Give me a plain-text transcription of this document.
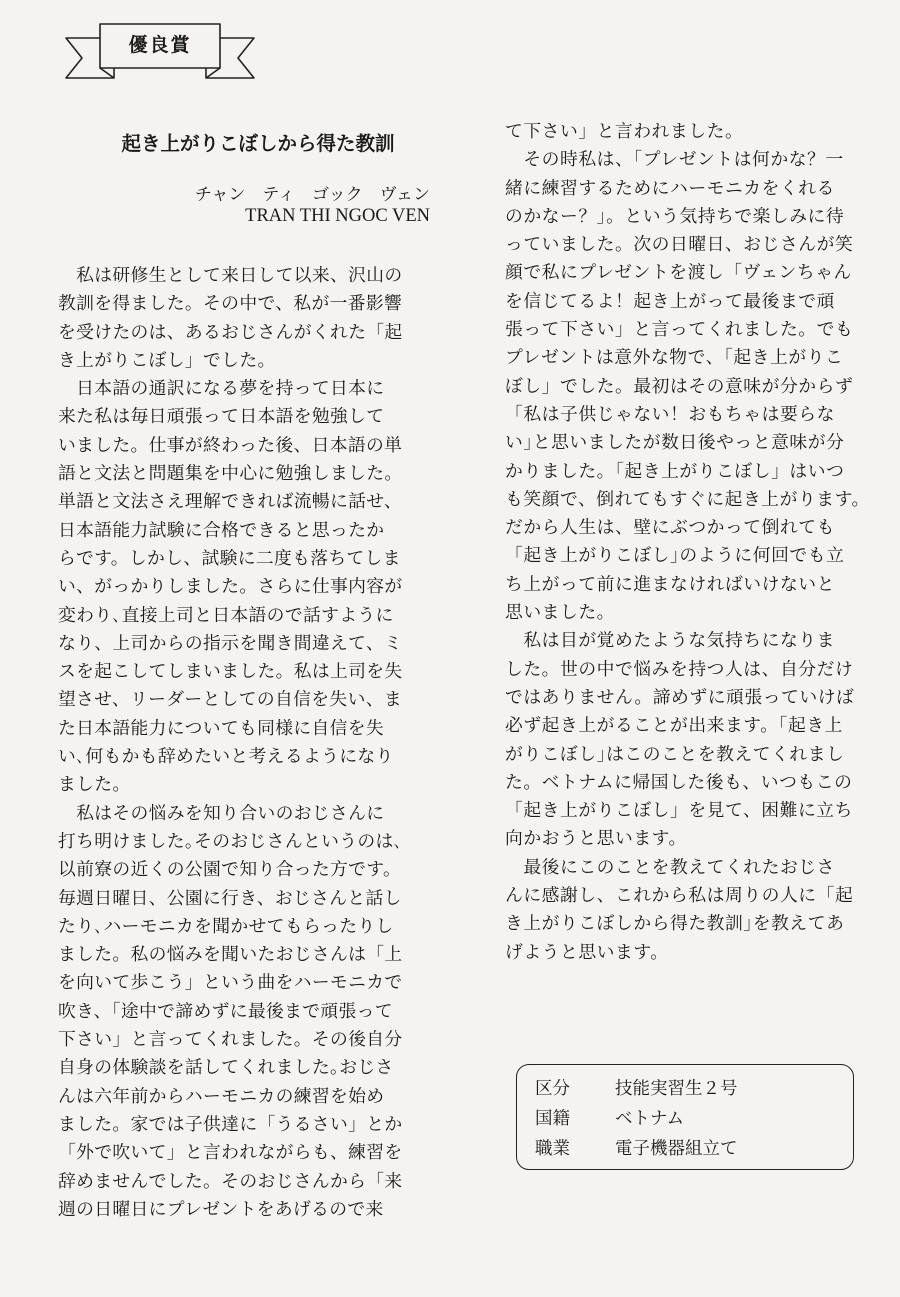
優良賞
起き上がりこぼしから得た教訓
チャン　ティ　ゴック　ヴェン
TRAN THI NGOC VEN
　私は研修生として来日して以来、沢山の
教訓を得ました。その中で、私が一番影響
を受けたのは、あるおじさんがくれた「起
き上がりこぼし」でした。
　日本語の通訳になる夢を持って日本に
来た私は毎日頑張って日本語を勉強して
いました。仕事が終わった後、日本語の単
語と文法と問題集を中心に勉強しました。
単語と文法さえ理解できれば流暢に話せ、
日本語能力試験に合格できると思ったか
らです。しかし、試験に二度も落ちてしま
い、がっかりしました。さらに仕事内容が
変わり､直接上司と日本語ので話すように
なり、上司からの指示を聞き間違えて、ミ
スを起こしてしまいました。私は上司を失
望させ、リーダーとしての自信を失い、ま
た日本語能力についても同様に自信を失
い､何もかも辞めたいと考えるようになり
ました。
　私はその悩みを知り合いのおじさんに
打ち明けました｡そのおじさんというのは､
以前寮の近くの公園で知り合った方です。
毎週日曜日、公園に行き、おじさんと話し
たり､ハーモニカを聞かせてもらったりし
ました。私の悩みを聞いたおじさんは「上
を向いて歩こう」という曲をハーモニカで
吹き、「途中で諦めずに最後まで頑張って
下さい」と言ってくれました。その後自分
自身の体験談を話してくれました｡おじさ
んは六年前からハーモニカの練習を始め
ました。家では子供達に「うるさい」とか
「外で吹いて」と言われながらも、練習を
辞めませんでした。そのおじさんから「来
週の日曜日にプレゼントをあげるので来
て下さい」と言われました。
　その時私は、「プレゼントは何かな？一
緒に練習するためにハーモニカをくれる
のかなー？」。という気持ちで楽しみに待
っていました。次の日曜日、おじさんが笑
顔で私にプレゼントを渡し「ヴェンちゃん
を信じてるよ！起き上がって最後まで頑
張って下さい」と言ってくれました。でも
プレゼントは意外な物で、「起き上がりこ
ぼし」でした。最初はその意味が分からず
「私は子供じゃない！おもちゃは要らな
い｣と思いましたが数日後やっと意味が分
かりました。「起き上がりこぼし」はいつ
も笑顔で、倒れてもすぐに起き上がります。
だから人生は、壁にぶつかって倒れても
「起き上がりこぼし｣のように何回でも立
ち上がって前に進まなければいけないと
思いました。
　私は目が覚めたような気持ちになりま
した。世の中で悩みを持つ人は、自分だけ
ではありません。諦めずに頑張っていけば
必ず起き上がることが出来ます。｢起き上
がりこぼし｣はこのことを教えてくれまし
た。ベトナムに帰国した後も、いつもこの
「起き上がりこぼし」を見て、困難に立ち
向かおうと思います。
　最後にこのことを教えてくれたおじさ
んに感謝し、これから私は周りの人に「起
き上がりこぼしから得た教訓｣を教えてあ
げようと思います。
区分	技能実習生２号
国籍	ベトナム
職業	電子機器組立て
